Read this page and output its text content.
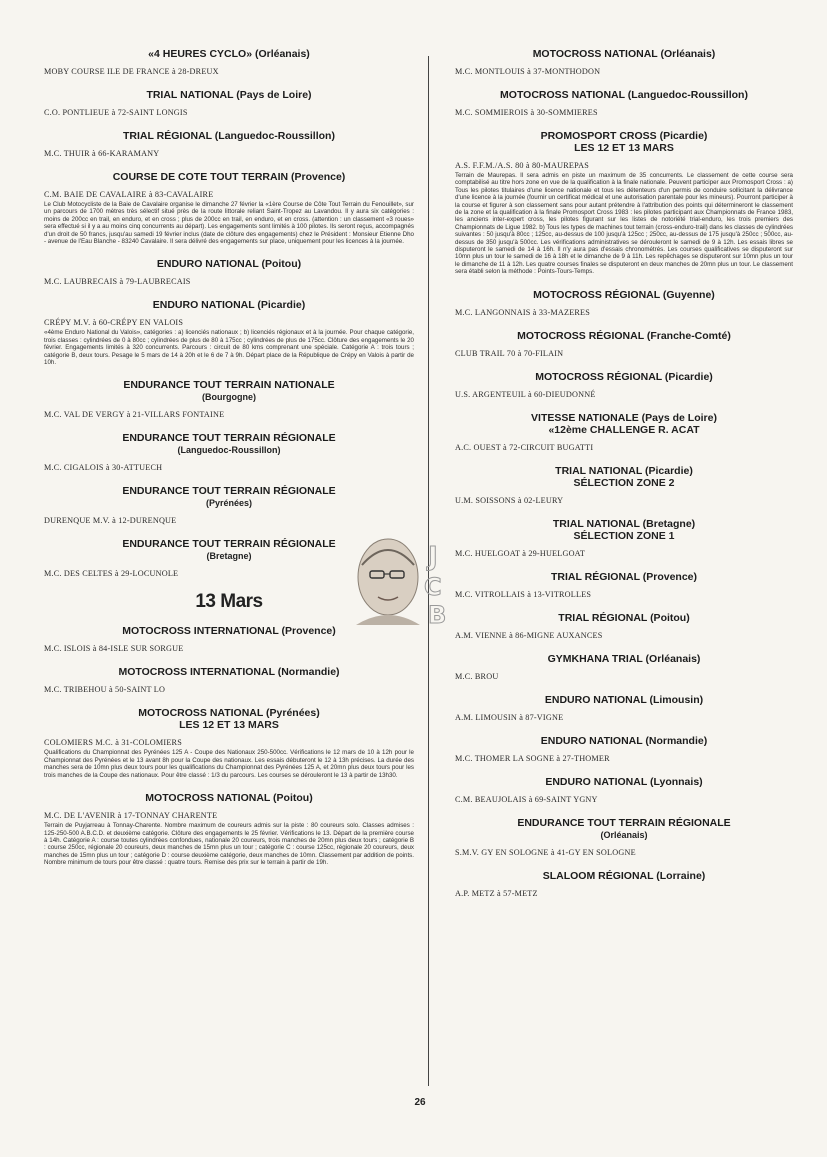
«4 HEURES CYCLO» (Orléanais)
MOBY COURSE ILE DE FRANCE à 28-DREUX
TRIAL NATIONAL (Pays de Loire)
C.O. PONTLIEUE à 72-SAINT LONGIS
TRIAL RÉGIONAL (Languedoc-Roussillon)
M.C. THUIR à 66-KARAMANY
COURSE DE COTE TOUT TERRAIN (Provence)
C.M. BAIE DE CAVALAIRE à 83-CAVALAIRE
Le Club Motocycliste de la Baie de Cavalaire organise le dimanche 27 février la «1ère Course de Côte Tout Terrain du Fenouillet», sur un parcours de 1700 mètres très sélectif situé près de la route littorale reliant Saint-Tropez au Lavandou. Il y aura six catégories : moins de 200cc en trail, en enduro, et en cross ; plus de 200cc en trail, en enduro, et en cross. (attention : un classement «3 roues» sera effectué si il y a au moins cinq concurrents au départ). Les engagements sont limités à 100 pilotes. Ils seront reçus, accompagnés d'un droit de 50 francs, jusqu'au samedi 19 février inclus (date de clôture des engagements) chez le Président : Monsieur Etienne Dho - avenue de l'Eau Blanche - 83240 Cavalaire. Il sera délivré des engagements sur place, uniquement pour les licences à la journée.
ENDURO NATIONAL (Poitou)
M.C. LAUBRECAIS à 79-LAUBRECAIS
ENDURO NATIONAL (Picardie)
CRÉPY M.V. à 60-CRÉPY EN VALOIS
«4ème Enduro National du Valois», catégories : a) licenciés nationaux ; b) licenciés régionaux et à la journée. Pour chaque catégorie, trois classes : cylindrées de 0 à 80cc ; cylindrées de plus de 80 à 175cc ; cylindrées de plus de 175cc. Clôture des engagements le 20 février. Engagements limités à 320 concurrents. Parcours : circuit de 80 kms comprenant une spéciale. Catégorie A : trois tours ; catégorie B, deux tours. Pesage le 5 mars de 14 à 20h et le 6 de 7 à 9h. Départ place de la République de Crépy en Valois à partir de 10h.
ENDURANCE TOUT TERRAIN NATIONALE
(Bourgogne)
M.C. VAL DE VERGY à 21-VILLARS FONTAINE
ENDURANCE TOUT TERRAIN RÉGIONALE
(Languedoc-Roussillon)
M.C. CIGALOIS à 30-ATTUECH
ENDURANCE TOUT TERRAIN RÉGIONALE
(Pyrénées)
DURENQUE M.V. à 12-DURENQUE
ENDURANCE TOUT TERRAIN RÉGIONALE
(Bretagne)
M.C. DES CELTES à 29-LOCUNOLE
13 Mars
MOTOCROSS INTERNATIONAL (Provence)
M.C. ISLOIS à 84-ISLE SUR SORGUE
MOTOCROSS INTERNATIONAL (Normandie)
M.C. TRIBEHOU à 50-SAINT LO
MOTOCROSS NATIONAL (Pyrénées)
LES 12 ET 13 MARS
COLOMIERS M.C. à 31-COLOMIERS
Qualifications du Championnat des Pyrénées 125 A - Coupe des Nationaux 250-500cc. Vérifications le 12 mars de 10 à 12h pour le Championnat des Pyrénées et le 13 avant 8h pour la Coupe des nationaux. Les essais débuteront le 12 à 13h précises. La durée des manches sera de 10mn plus deux tours pour les qualifications du Championnat des Pyrénées 125 A, et 20mn plus deux tours pour les trois manches de la Coupe des nationaux. Pour être classé : 1/3 du parcours. Les courses se dérouleront le 13 à partir de 13h30.
MOTOCROSS NATIONAL (Poitou)
M.C. DE L'AVENIR à 17-TONNAY CHARENTE
Terrain de Puyjarreau à Tonnay-Charente. Nombre maximum de coureurs admis sur la piste : 80 coureurs solo. Classes admises : 125-250-500 A.B.C.D. et deuxième catégorie. Clôture des engagements le 25 février. Vérifications le 13. Départ de la première course à 14h. Catégorie A : course toutes cylindrées confondues, nationale 20 coureurs, trois manches de 20mn plus deux tours ; catégorie B : course 250cc, régionale 20 coureurs, deux manches de 15mn plus un tour ; catégorie C : course 125cc, régionale 20 coureurs, deux manches de 15mn plus un tour ; catégorie D : course deuxième catégorie, deux manches de 10mn. Classement par addition de points. Nombre minimum de tours pour être classé : quatre tours. Remise des prix sur le terrain à partir de 19h.
MOTOCROSS NATIONAL (Orléanais)
M.C. MONTLOUIS à 37-MONTHODON
MOTOCROSS NATIONAL (Languedoc-Roussillon)
M.C. SOMMIEROIS à 30-SOMMIERES
PROMOSPORT CROSS (Picardie)
LES 12 ET 13 MARS
A.S. F.F.M./A.S. 80 à 80-MAUREPAS
Terrain de Maurepas. Il sera admis en piste un maximum de 35 concurrents. Le classement de cette course sera comptabilisé au titre hors zone en vue de la qualification à la finale nationale. Peuvent participer aux Promosport Cross : a) Tous les pilotes titulaires d'une licence nationale et tous les détenteurs d'un permis de conduire sollicitant la délivrance d'une licence à la journée (fournir un certificat médical et une autorisation parentale pour les mineurs). Pourront participer à la course et figurer à son classement sans pour autant prétendre à l'attribution des points qui détermineront le classement de la zone et la qualification à la finale Promosport Cross 1983 : les pilotes participant aux Championnats de France 1983, les anciens inter-expert cross, les pilotes figurant sur les listes de notoriété trial-enduro, les trois premiers des Championnats de Ligue 1982. b) Tous les types de machines tout terrain (cross-enduro-trail) dans les classes de cylindrées suivantes : 50 jusqu'à 80cc ; 125cc, au-dessus de 100 jusqu'à 125cc ; 250cc, au-dessus de 175 jusqu'à 250cc ; 500cc, au-dessus de 350 jusqu'à 500cc. Les vérifications administratives se dérouleront le samedi de 9 à 12h. Les essais libres se disputeront le samedi de 14 à 16h. Il n'y aura pas d'essais chronométrés. Les courses qualificatives se disputeront sur 10mn plus un tour le samedi de 16 à 18h et le dimanche de 9 à 11h. Les repêchages se disputeront sur 10mn plus un tour le dimanche de 11 à 12h. Les quatre courses finales se disputeront en deux manches de 20mn plus un tour. Le classement sera établi selon la méthode : Points-Tours-Temps.
MOTOCROSS RÉGIONAL (Guyenne)
M.C. LANGONNAIS à 33-MAZERES
MOTOCROSS RÉGIONAL (Franche-Comté)
CLUB TRAIL 70 à 70-FILAIN
MOTOCROSS RÉGIONAL (Picardie)
U.S. ARGENTEUIL à 60-DIEUDONNÉ
VITESSE NATIONALE (Pays de Loire)
«12ème CHALLENGE R. ACAT
A.C. OUEST à 72-CIRCUIT BUGATTI
TRIAL NATIONAL (Picardie)
SÉLECTION ZONE 2
U.M. SOISSONS à 02-LEURY
TRIAL NATIONAL (Bretagne)
SÉLECTION ZONE 1
M.C. HUELGOAT à 29-HUELGOAT
TRIAL RÉGIONAL (Provence)
M.C. VITROLLAIS à 13-VITROLLES
TRIAL RÉGIONAL (Poitou)
A.M. VIENNE à 86-MIGNE AUXANCES
GYMKHANA TRIAL (Orléanais)
M.C. BROU
ENDURO NATIONAL (Limousin)
A.M. LIMOUSIN à 87-VIGNE
ENDURO NATIONAL (Normandie)
M.C. THOMER LA SOGNE à 27-THOMER
ENDURO NATIONAL (Lyonnais)
C.M. BEAUJOLAIS à 69-SAINT YGNY
ENDURANCE TOUT TERRAIN RÉGIONALE
(Orléanais)
S.M.V. GY EN SOLOGNE à 41-GY EN SOLOGNE
SLALOOM RÉGIONAL (Lorraine)
A.P. METZ à 57-METZ
J
C
B
26
